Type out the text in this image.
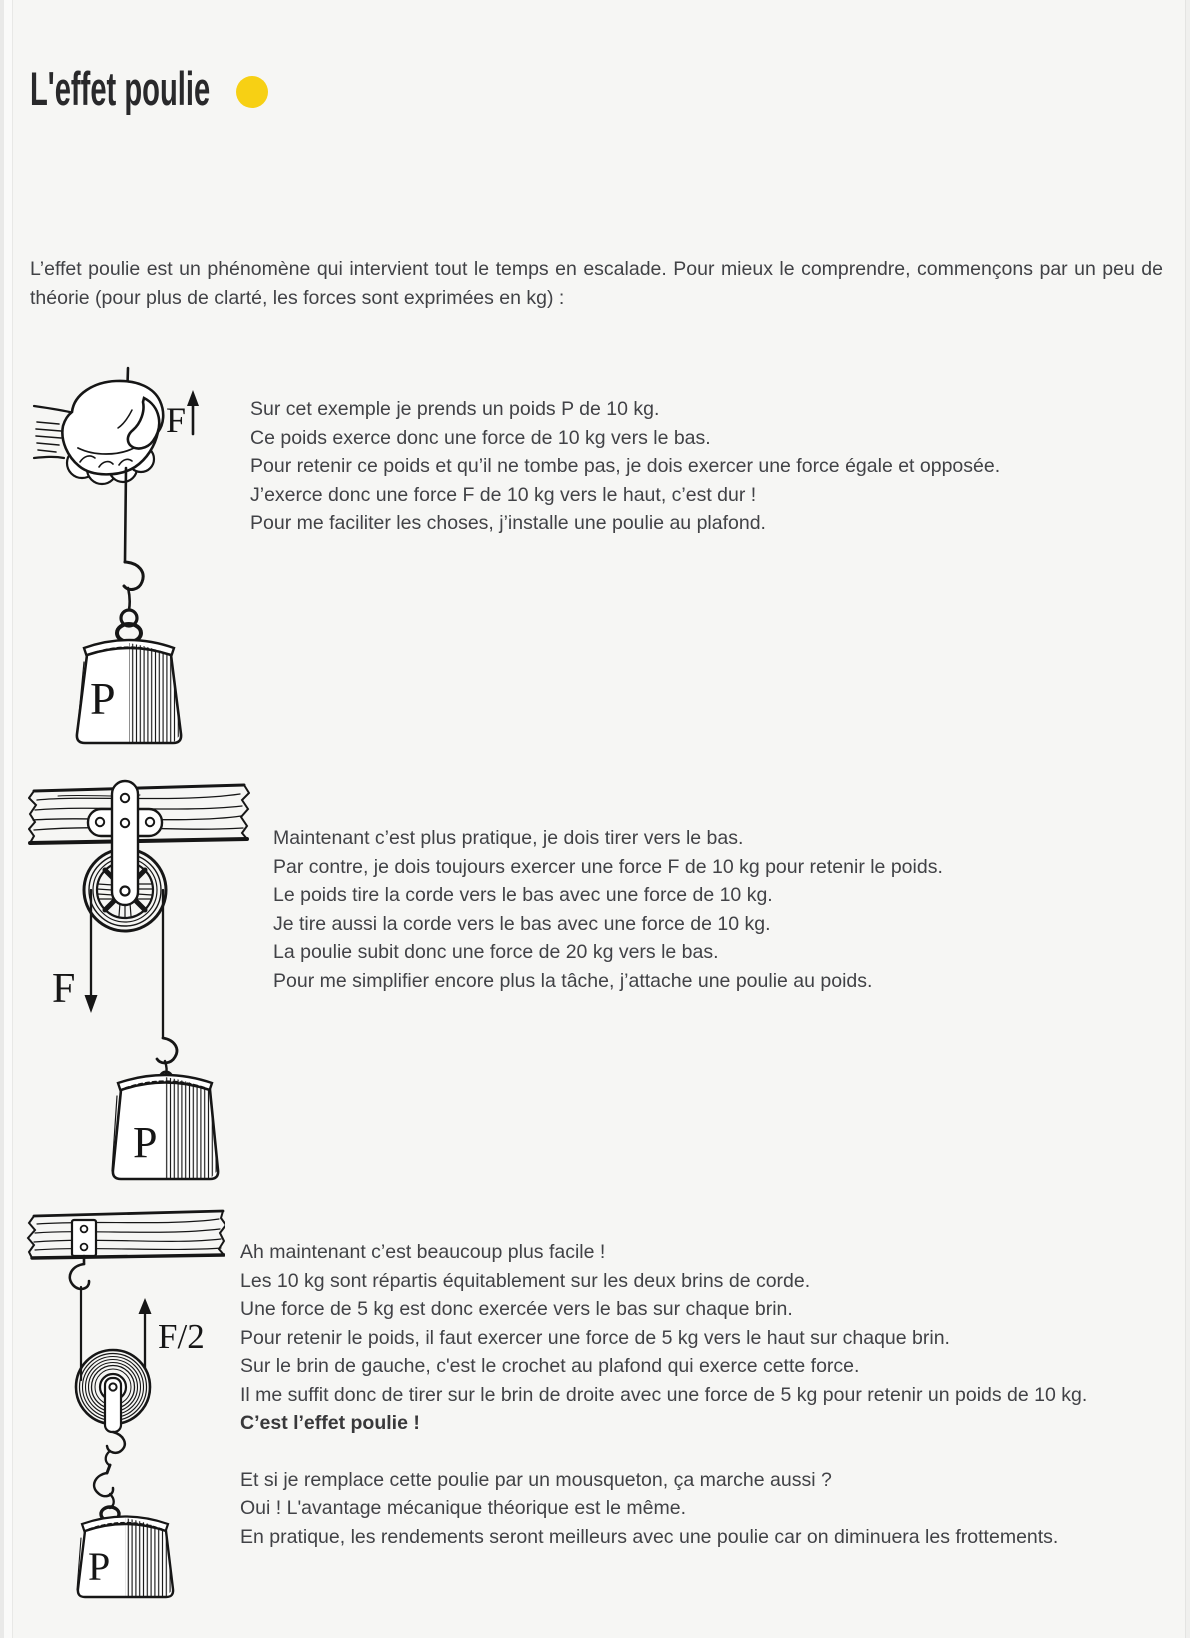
L'effet poulie
L’effet poulie est un phénomène qui intervient tout le temps en escalade. Pour mieux le comprendre, commençons par un peu de théorie (pour plus de clarté, les forces sont exprimées en kg) :
P
F	Sur cet exemple je prends un poids P de 10 kg.
Ce poids exerce donc une force de 10 kg vers le bas.
Pour retenir ce poids et qu’il ne tombe pas, je dois exercer une force égale et opposée.
J’exerce donc une force F de 10 kg vers le haut, c’est dur !
Pour me faciliter les choses, j’installe une poulie au plafond.
F
P
Maintenant c’est plus pratique, je dois tirer vers le bas.
Par contre, je dois toujours exercer une force F de 10 kg pour retenir le poids.
Le poids tire la corde vers le bas avec une force de 10 kg.
Je tire aussi la corde vers le bas avec une force de 10 kg.
La poulie subit donc une force de 20 kg vers le bas.
Pour me simplifier encore plus la tâche, j’attache une poulie au poids.
F/2
P
Ah maintenant c’est beaucoup plus facile !
Les 10 kg sont répartis équitablement sur les deux brins de corde.
Une force de 5 kg est donc exercée vers le bas sur chaque brin.
Pour retenir le poids, il faut exercer une force de 5 kg vers le haut sur chaque brin.
Sur le brin de gauche, c'est le crochet au plafond qui exerce cette force.
Il me suffit donc de tirer sur le brin de droite avec une force de 5 kg pour retenir un poids de 10 kg.
C’est l’effet poulie !
Et si je remplace cette poulie par un mousqueton, ça marche aussi ?
Oui ! L'avantage mécanique théorique est le même.
En pratique, les rendements seront meilleurs avec une poulie car on diminuera les frottements.
